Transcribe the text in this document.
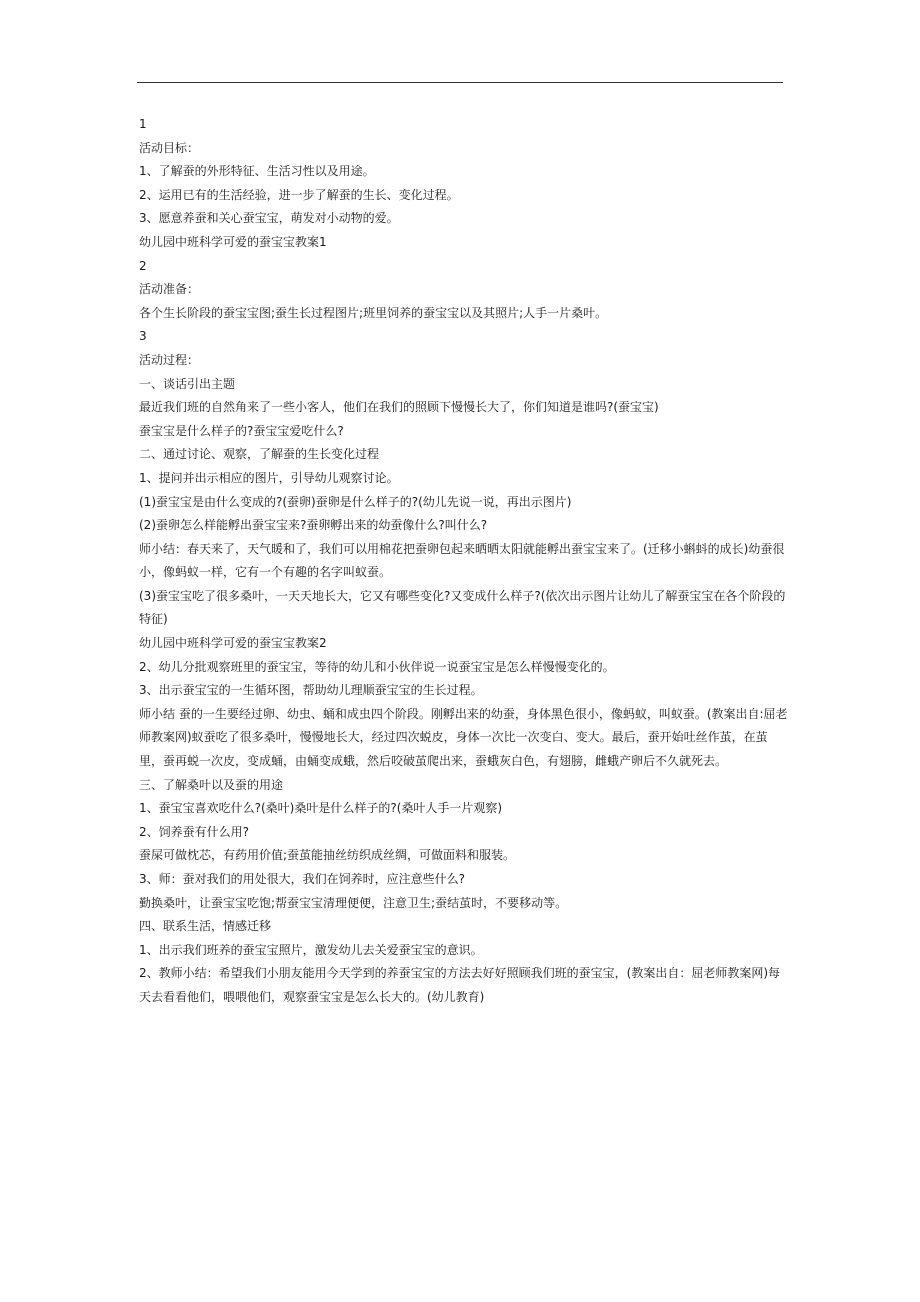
1
活动目标：
1、了解蚕的外形特征、生活习性以及用途。
2、运用已有的生活经验，进一步了解蚕的生长、变化过程。
3、愿意养蚕和关心蚕宝宝，萌发对小动物的爱。
幼儿园中班科学可爱的蚕宝宝教案1
2
活动准备：
各个生长阶段的蚕宝宝图;蚕生长过程图片;班里饲养的蚕宝宝以及其照片;人手一片桑叶。
3
活动过程：
一、谈话引出主题
最近我们班的自然角来了一些小客人，他们在我们的照顾下慢慢长大了，你们知道是谁吗?(蚕宝宝)
蚕宝宝是什么样子的?蚕宝宝爱吃什么?
二、通过讨论、观察，了解蚕的生长变化过程
1、提问并出示相应的图片，引导幼儿观察讨论。
(1)蚕宝宝是由什么变成的?(蚕卵)蚕卵是什么样子的?(幼儿先说一说，再出示图片)
(2)蚕卵怎么样能孵出蚕宝宝来?蚕卵孵出来的幼蚕像什么?叫什么?
师小结：春天来了，天气暖和了，我们可以用棉花把蚕卵包起来晒晒太阳就能孵出蚕宝宝来了。(迁移小蝌蚪的成长)幼蚕很小，像蚂蚁一样，它有一个有趣的名字叫蚁蚕。
(3)蚕宝宝吃了很多桑叶，一天天地长大，它又有哪些变化?又变成什么样子?(依次出示图片让幼儿了解蚕宝宝在各个阶段的特征)
幼儿园中班科学可爱的蚕宝宝教案2
2、幼儿分批观察班里的蚕宝宝，等待的幼儿和小伙伴说一说蚕宝宝是怎么样慢慢变化的。
3、出示蚕宝宝的一生循环图，帮助幼儿理顺蚕宝宝的生长过程。
师小结 蚕的一生要经过卵、幼虫、蛹和成虫四个阶段。刚孵出来的幼蚕，身体黑色很小，像蚂蚁，叫蚁蚕。(教案出自:屈老师教案网)蚁蚕吃了很多桑叶，慢慢地长大，经过四次蜕皮，身体一次比一次变白、变大。最后，蚕开始吐丝作茧，在茧里，蚕再蜕一次皮，变成蛹，由蛹变成蛾，然后咬破茧爬出来，蚕蛾灰白色，有翅膀，雌蛾产卵后不久就死去。
三、了解桑叶以及蚕的用途
1、蚕宝宝喜欢吃什么?(桑叶)桑叶是什么样子的?(桑叶人手一片观察)
2、饲养蚕有什么用?
蚕屎可做枕芯，有药用价值;蚕茧能抽丝纺织成丝绸，可做面料和服装。
3、师：蚕对我们的用处很大，我们在饲养时，应注意些什么?
勤换桑叶，让蚕宝宝吃饱;帮蚕宝宝清理便便，注意卫生;蚕结茧时，不要移动等。
四、联系生活，情感迁移
1、出示我们班养的蚕宝宝照片，激发幼儿去关爱蚕宝宝的意识。
2、教师小结：希望我们小朋友能用今天学到的养蚕宝宝的方法去好好照顾我们班的蚕宝宝，(教案出自：屈老师教案网)每天去看看他们，喂喂他们，观察蚕宝宝是怎么长大的。(幼儿教育)
